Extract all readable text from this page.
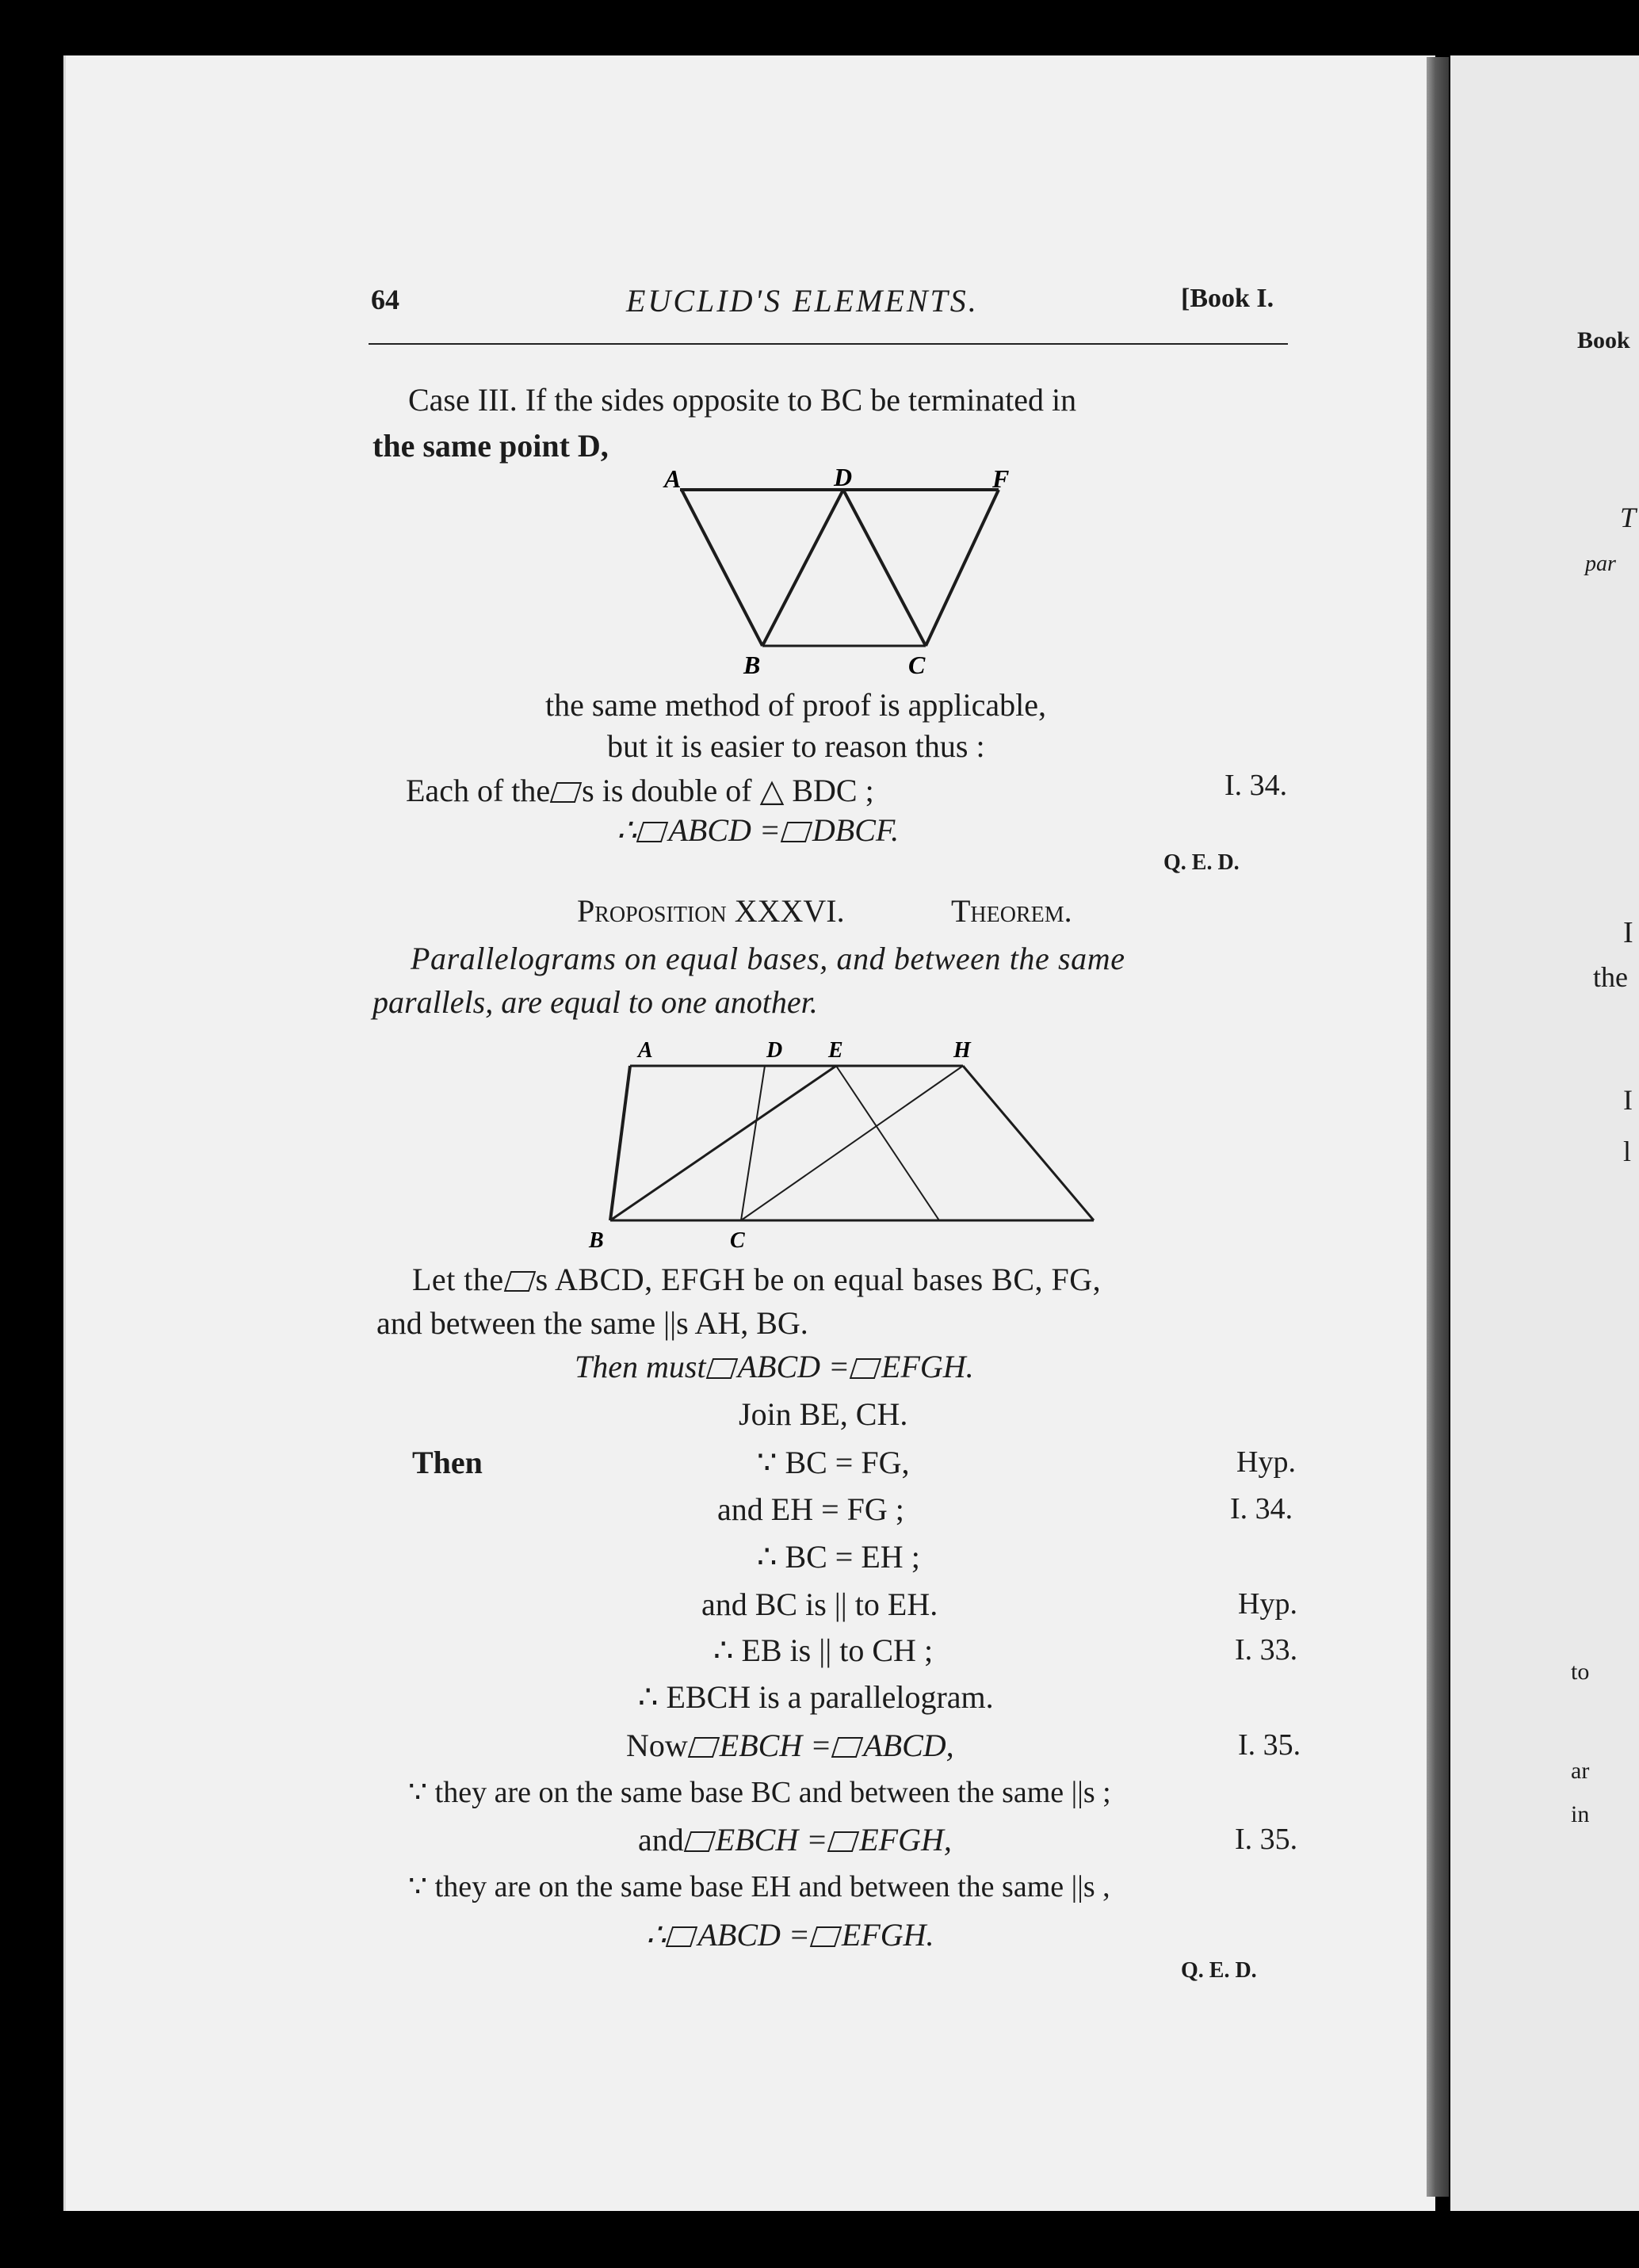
Book
T
par
I
the
I
l
to
ar
in
64	EUCLID'S ELEMENTS.	[Book I.
Case III. If the sides opposite to BC be terminated in
the same point D,
A	D	F
B	C
the same method of proof is applicable,
but it is easier to reason thus :
Each of the s is double of △ BDC ;	I. 34.
∴ ABCD = DBCF.
Q. E. D.
Proposition XXXVI.	Theorem.
Parallelograms on equal bases, and between the same
parallels, are equal to one another.
A	D E	H
B	C
Let the s ABCD, EFGH be on equal bases BC, FG,
and between the same ||s AH, BG.
Then must ABCD = EFGH.
Join BE, CH.
Then	∵ BC = FG,	Hyp.
and EH = FG ;	I. 34.
∴ BC = EH ;
and BC is || to EH.	Hyp.
∴ EB is || to CH ;	I. 33.
∴ EBCH is a parallelogram.
Now EBCH = ABCD,	I. 35.
∵ they are on the same base BC and between the same ||s ;
and EBCH = EFGH,	I. 35.
∵ they are on the same base EH and between the same ||s ,
∴ ABCD = EFGH.
Q. E. D.
